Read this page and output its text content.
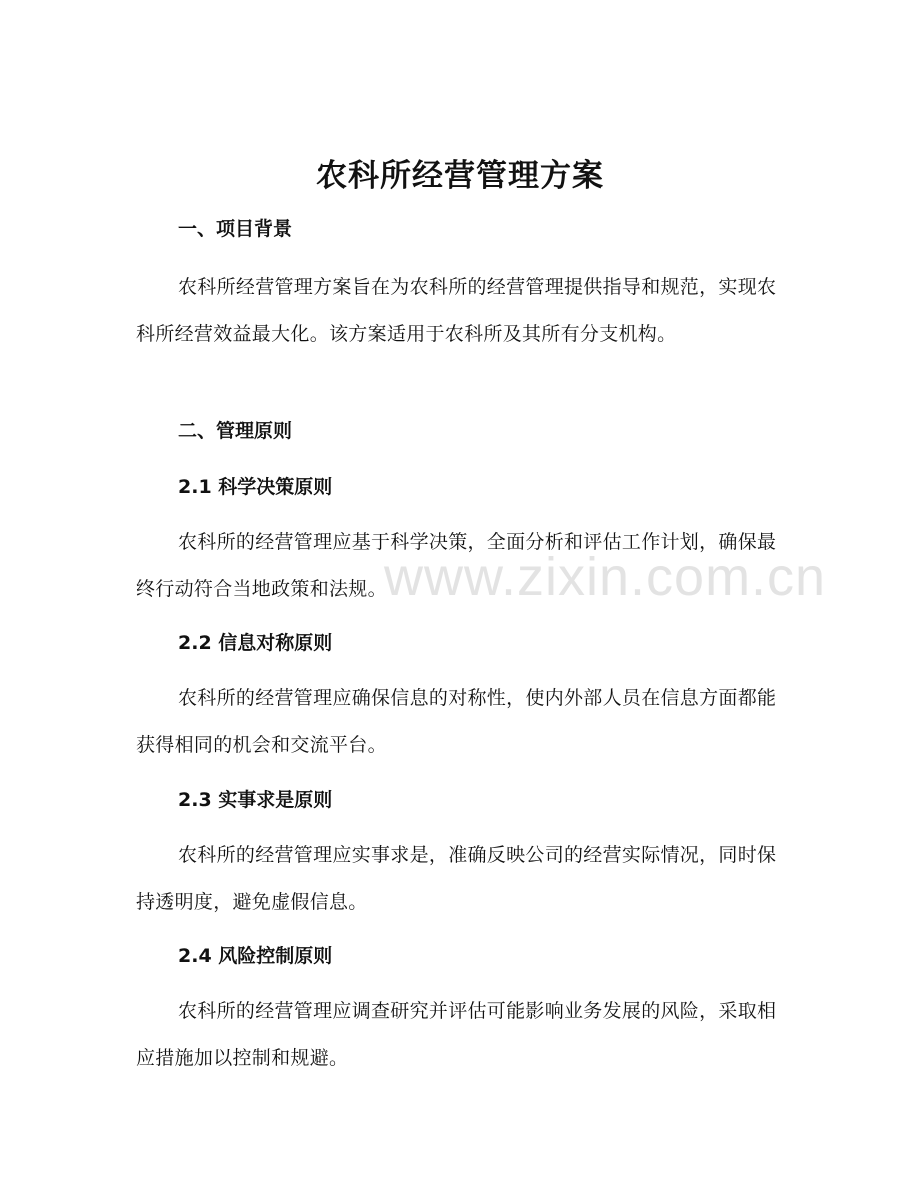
农科所经营管理方案
一、项目背景
农科所经营管理方案旨在为农科所的经营管理提供指导和规范，实现农科所经营效益最大化。该方案适用于农科所及其所有分支机构。
二、管理原则
2.1 科学决策原则
农科所的经营管理应基于科学决策，全面分析和评估工作计划，确保最终行动符合当地政策和法规。
2.2 信息对称原则
农科所的经营管理应确保信息的对称性，使内外部人员在信息方面都能获得相同的机会和交流平台。
2.3 实事求是原则
农科所的经营管理应实事求是，准确反映公司的经营实际情况，同时保持透明度，避免虚假信息。
2.4 风险控制原则
农科所的经营管理应调查研究并评估可能影响业务发展的风险，采取相应措施加以控制和规避。
www.zixin.com.cn
